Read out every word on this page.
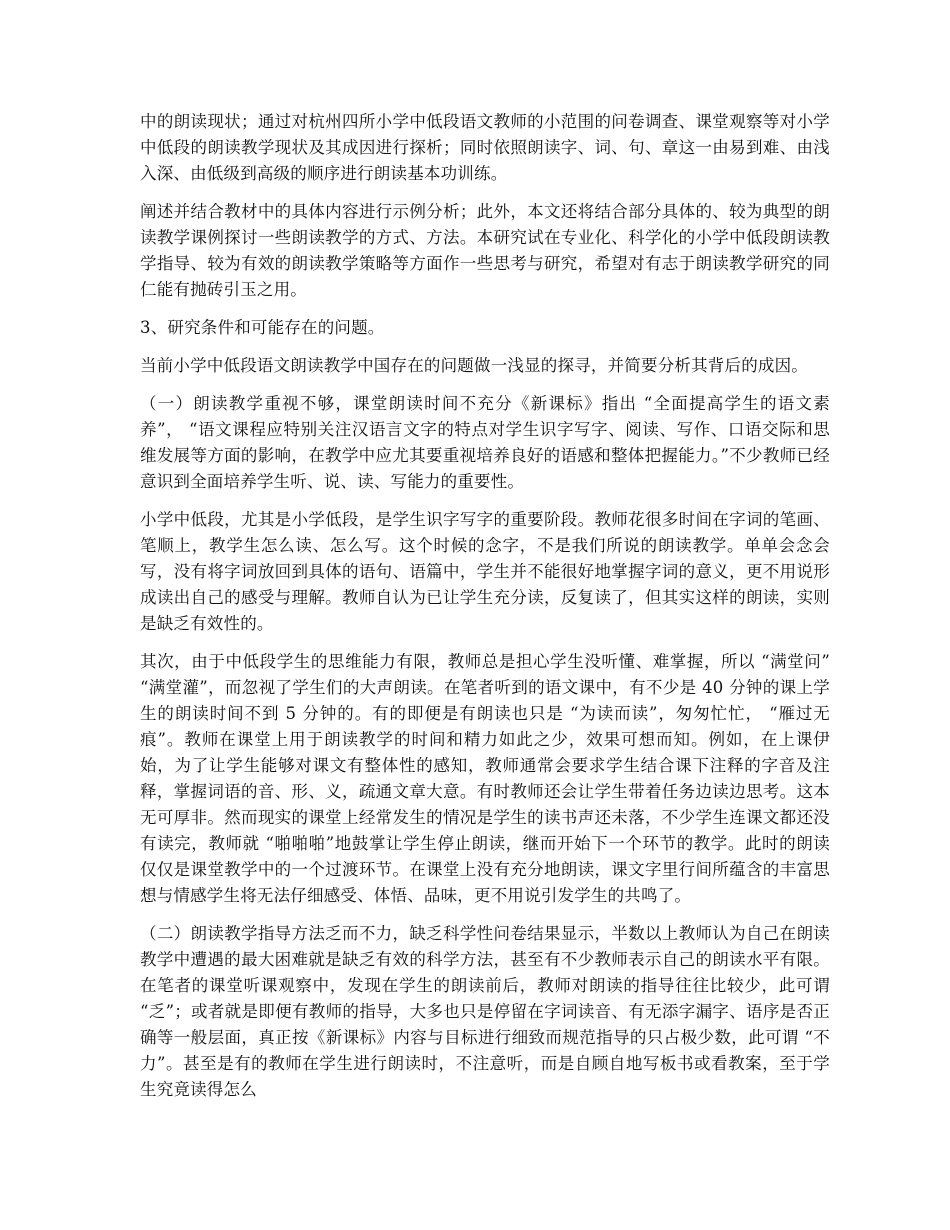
中的朗读现状；通过对杭州四所小学中低段语文教师的小范围的问卷调查、课堂观察等对小学中低段的朗读教学现状及其成因进行探析；同时依照朗读字、词、句、章这一由易到难、由浅入深、由低级到高级的顺序进行朗读基本功训练。

阐述并结合教材中的具体内容进行示例分析；此外，本文还将结合部分具体的、较为典型的朗读教学课例探讨一些朗读教学的方式、方法。本研究试在专业化、科学化的小学中低段朗读教学指导、较为有效的朗读教学策略等方面作一些思考与研究，希望对有志于朗读教学研究的同仁能有抛砖引玉之用。

3、研究条件和可能存在的问题。

当前小学中低段语文朗读教学中国存在的问题做一浅显的探寻，并简要分析其背后的成因。

（一）朗读教学重视不够，课堂朗读时间不充分《新课标》指出 “全面提高学生的语文素养”， “语文课程应特别关注汉语言文字的特点对学生识字写字、阅读、写作、口语交际和思维发展等方面的影响，在教学中应尤其要重视培养良好的语感和整体把握能力。”不少教师已经意识到全面培养学生听、说、读、写能力的重要性。

小学中低段，尤其是小学低段，是学生识字写字的重要阶段。教师花很多时间在字词的笔画、笔顺上，教学生怎么读、怎么写。这个时候的念字，不是我们所说的朗读教学。单单会念会写，没有将字词放回到具体的语句、语篇中，学生并不能很好地掌握字词的意义，更不用说形成读出自己的感受与理解。教师自认为已让学生充分读，反复读了，但其实这样的朗读，实则是缺乏有效性的。

其次，由于中低段学生的思维能力有限，教师总是担心学生没听懂、难掌握，所以 “满堂问” “满堂灌”，而忽视了学生们的大声朗读。在笔者听到的语文课中，有不少是 40 分钟的课上学生的朗读时间不到 5 分钟的。有的即便是有朗读也只是 “为读而读”，匆匆忙忙， “雁过无痕”。教师在课堂上用于朗读教学的时间和精力如此之少，效果可想而知。例如，在上课伊始，为了让学生能够对课文有整体性的感知，教师通常会要求学生结合课下注释的字音及注释，掌握词语的音、形、义，疏通文章大意。有时教师还会让学生带着任务边读边思考。这本无可厚非。然而现实的课堂上经常发生的情况是学生的读书声还未落，不少学生连课文都还没有读完，教师就 “啪啪啪”地鼓掌让学生停止朗读，继而开始下一个环节的教学。此时的朗读仅仅是课堂教学中的一个过渡环节。在课堂上没有充分地朗读，课文字里行间所蕴含的丰富思想与情感学生将无法仔细感受、体悟、品味，更不用说引发学生的共鸣了。

（二）朗读教学指导方法乏而不力，缺乏科学性问卷结果显示，半数以上教师认为自己在朗读教学中遭遇的最大困难就是缺乏有效的科学方法，甚至有不少教师表示自己的朗读水平有限。在笔者的课堂听课观察中，发现在学生的朗读前后，教师对朗读的指导往往比较少，此可谓 “乏”；或者就是即便有教师的指导，大多也只是停留在字词读音、有无添字漏字、语序是否正确等一般层面，真正按《新课标》内容与目标进行细致而规范指导的只占极少数，此可谓 “不力”。甚至是有的教师在学生进行朗读时，不注意听，而是自顾自地写板书或看教案，至于学生究竟读得怎么
